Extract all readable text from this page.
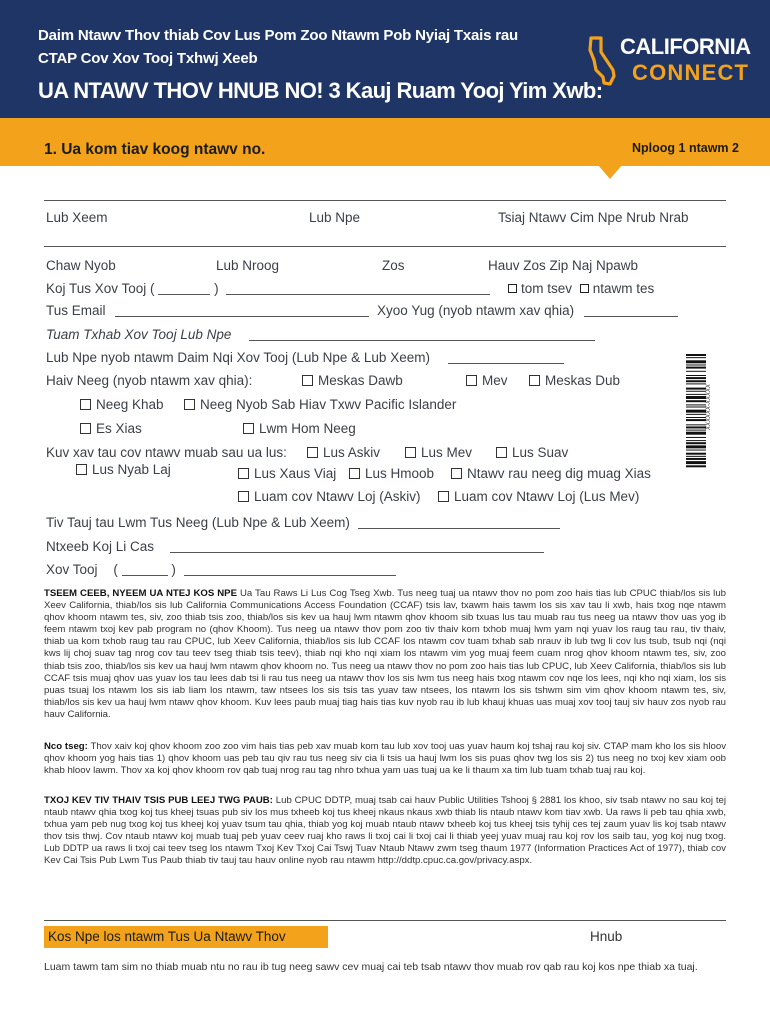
Daim Ntawv Thov thiab Cov Lus Pom Zoo Ntawm Pob Nyiaj Txais rau
CTAP Cov Xov Tooj Txhwj Xeeb
UA NTAWV THOV HNUB NO! 3 Kauj Ruam Yooj Yim Xwb:
CALIFORNIA
CONNECT
1. Ua kom tiav koog ntawv no.	Nploog 1 ntawm 2
Lub Xeem	Lub Npe	Tsiaj Ntawv Cim Npe Nrub Nrab
Chaw Nyob	Lub Nroog	Zos	Hauv Zos Zip Naj Npawb
Koj Tus Xov Tooj (	)	tom tsev ntawm tes
Tus Email	Xyoo Yug (nyob ntawm xav qhia)
Tuam Txhab Xov Tooj Lub Npe
Lub Npe nyob ntawm Daim Nqi Xov Tooj (Lub Npe & Lub Xeem)
Haiv Neeg (nyob ntawm xav qhia):	Meskas Dawb	Mev	Meskas Dub
Neeg Khab	Neeg Nyob Sab Hiav Txwv Pacific Islander
Es Xias	Lwm Hom Neeg
Kuv xav tau cov ntawv muab sau ua lus:	Lus Askiv	Lus Mev	Lus Suav
Lus Nyab Laj	Lus Xaus Viaj	Lus Hmoob	Ntawv rau neeg dig muag Xias
Luam cov Ntawv Loj (Askiv)	Luam cov Ntawv Loj (Lus Mev)
Tiv Tauj tau Lwm Tus Neeg (Lub Npe & Lub Xeem)
Ntxeeb Koj Li Cas
Xov Tooj (	)
XXXXXX-XXXXX
TSEEM CEEB, NYEEM UA NTEJ KOS NPE Ua Tau Raws Li Lus Cog Tseg Xwb. Tus neeg tuaj ua ntawv thov no pom zoo hais tias lub CPUC thiab/los sis lub Xeev California, thiab/los sis lub California Communications Access Foundation (CCAF) tsis lav, txawm hais tawm los sis xav tau li xwb, hais txog nqe ntawm qhov khoom ntawm tes, siv, zoo thiab tsis zoo, thiab/los sis kev ua hauj lwm ntawm qhov khoom sib txuas lus tau muab rau tus neeg ua ntawv thov uas yog ib feem ntawm txoj kev pab program no (qhov Khoom). Tus neeg ua ntawv thov pom zoo tiv thaiv kom txhob muaj lwm yam nqi yuav los raug tau rau, tiv thaiv, thiab ua kom txhob raug tau rau CPUC, lub Xeev California, thiab/los sis lub CCAF los ntawm cov tuam txhab sab nrauv ib lub twg li cov lus tsub, tsub nqi (nqi kws lij choj suav tag nrog cov tau teev tseg thiab tsis teev), thiab nqi kho nqi xiam los ntawm vim yog muaj feem cuam nrog qhov khoom ntawm tes, siv, zoo thiab tsis zoo, thiab/los sis kev ua hauj lwm ntawm qhov khoom no. Tus neeg ua ntawv thov no pom zoo hais tias lub CPUC, lub Xeev California, thiab/los sis lub CCAF tsis muaj qhov uas yuav los tau lees dab tsi li rau tus neeg ua ntawv thov los sis lwm tus neeg hais txog ntawm cov nqe los lees, nqi kho nqi xiam, los sis puas tsuaj los ntawm los sis iab liam los ntawm, taw ntsees los sis tsis tas yuav taw ntsees, los ntawm los sis tshwm sim vim qhov khoom ntawm tes, siv, thiab/los sis kev ua hauj lwm ntawv qhov khoom. Kuv lees paub muaj tiag hais tias kuv nyob rau ib lub khauj khuas uas muaj xov tooj tauj siv hauv zos nyob rau hauv California.
Nco tseg: Thov xaiv koj qhov khoom zoo zoo vim hais tias peb xav muab kom tau lub xov tooj uas yuav haum koj tshaj rau koj siv. CTAP mam kho los sis hloov qhov khoom yog hais tias 1) qhov khoom uas peb tau qiv rau tus neeg siv cia li tsis ua hauj lwm los sis puas qhov twg los sis 2) tus neeg no txoj kev xiam oob khab hloov lawm. Thov xa koj qhov khoom rov qab tuaj nrog rau tag nhro txhua yam uas tuaj ua ke li thaum xa tim lub tuam txhab tuaj rau koj.
TXOJ KEV TIV THAIV TSIS PUB LEEJ TWG PAUB: Lub CPUC DDTP, muaj tsab cai hauv Public Utilities Tshooj § 2881 los khoo, siv tsab ntawv no sau koj tej ntaub ntawv qhia txog koj tus kheej tsuas pub siv los mus txheeb koj tus kheej nkaus nkaus xwb thiab lis ntaub ntawv kom tiav xwb. Ua raws li peb tau qhia xwb, txhua yam peb nug txog koj tus kheej koj yuav tsum tau qhia, thiab yog koj muab ntaub ntawv txheeb koj tus kheej tsis tyhij ces tej zaum yuav lis koj tsab ntawv thov tsis thwj. Cov ntaub ntawv koj muab tuaj peb yuav ceev ruaj kho raws li txoj cai li txoj cai li thiab yeej yuav muaj rau koj rov los saib tau, yog koj nug txog. Lub DDTP ua raws li txoj cai teev tseg los ntawm Txoj Kev Txoj Cai Tswj Tuav Ntaub Ntawv zwm tseg thaum 1977 (Information Practices Act of 1977), thiab cov Kev Cai Tsis Pub Lwm Tus Paub thiab tiv tauj tau hauv online nyob rau ntawm http://ddtp.cpuc.ca.gov/privacy.aspx.
Kos Npe los ntawm Tus Ua Ntawv Thov	Hnub
Luam tawm tam sim no thiab muab ntu no rau ib tug neeg sawv cev muaj cai teb tsab ntawv thov muab rov qab rau koj kos npe thiab xa tuaj.
